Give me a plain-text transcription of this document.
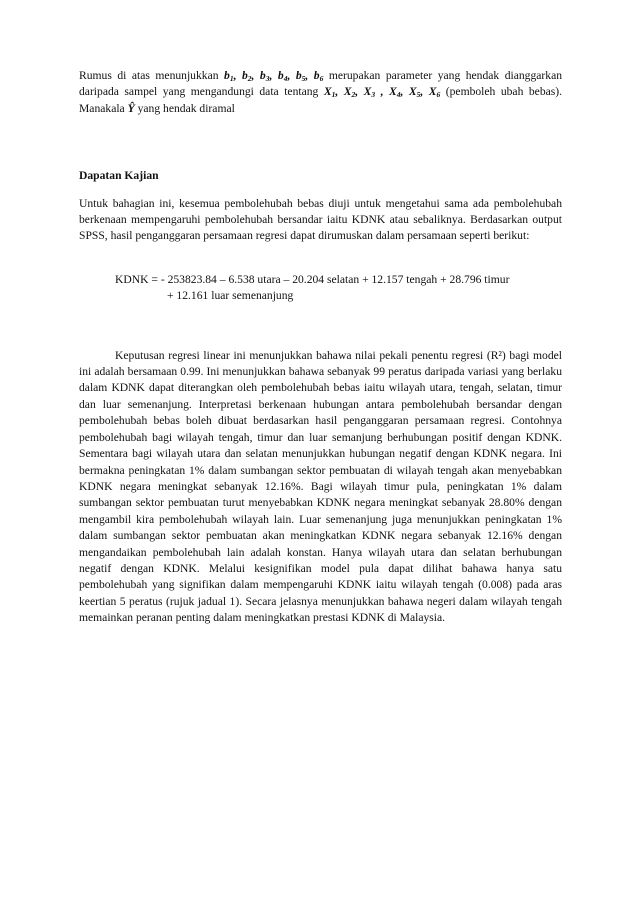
Rumus di atas menunjukkan $b_1$, $b_2$, $b_3$, $b_4$, $b_5$, $b_6$ merupakan parameter yang hendak dianggarkan daripada sampel yang mengandungi data tentang $X_1$, $X_2$, $X_3$ , $X_4$, $X_5$, $X_6$ (pemboleh ubah bebas). Manakala Ŷ yang hendak diramal

Dapatan Kajian

Untuk bahagian ini, kesemua pembolehubah bebas diuji untuk mengetahui sama ada pembolehubah berkenaan mempengaruhi pembolehubah bersandar iaitu KDNK atau sebaliknya. Berdasarkan output SPSS, hasil penganggaran persamaan regresi dapat dirumuskan dalam persamaan seperti berikut:

KDNK = - 253823.84 – 6.538 utara – 20.204 selatan + 12.157 tengah + 28.796 timur
+ 12.161 luar semenanjung

Keputusan regresi linear ini menunjukkan bahawa nilai pekali penentu regresi (R²) bagi model ini adalah bersamaan 0.99. Ini menunjukkan bahawa sebanyak 99 peratus daripada variasi yang berlaku dalam KDNK dapat diterangkan oleh pembolehubah bebas iaitu wilayah utara, tengah, selatan, timur dan luar semenanjung. Interpretasi berkenaan hubungan antara pembolehubah bersandar dengan pembolehubah bebas boleh dibuat berdasarkan hasil penganggaran persamaan regresi. Contohnya pembolehubah bagi wilayah tengah, timur dan luar semanjung berhubungan positif dengan KDNK. Sementara bagi wilayah utara dan selatan menunjukkan hubungan negatif dengan KDNK negara. Ini bermakna peningkatan 1% dalam sumbangan sektor pembuatan di wilayah tengah akan menyebabkan KDNK negara meningkat sebanyak 12.16%. Bagi wilayah timur pula, peningkatan 1% dalam sumbangan sektor pembuatan turut menyebabkan KDNK negara meningkat sebanyak 28.80% dengan mengambil kira pembolehubah wilayah lain. Luar semenanjung juga menunjukkan peningkatan 1% dalam sumbangan sektor pembuatan akan meningkatkan KDNK negara sebanyak 12.16% dengan mengandaikan pembolehubah lain adalah konstan. Hanya wilayah utara dan selatan berhubungan negatif dengan KDNK. Melalui kesignifikan model pula dapat dilihat bahawa hanya satu pembolehubah yang signifikan dalam mempengaruhi KDNK iaitu wilayah tengah (0.008) pada aras keertian 5 peratus (rujuk jadual 1). Secara jelasnya menunjukkan bahawa negeri dalam wilayah tengah memainkan peranan penting dalam meningkatkan prestasi KDNK di Malaysia.
